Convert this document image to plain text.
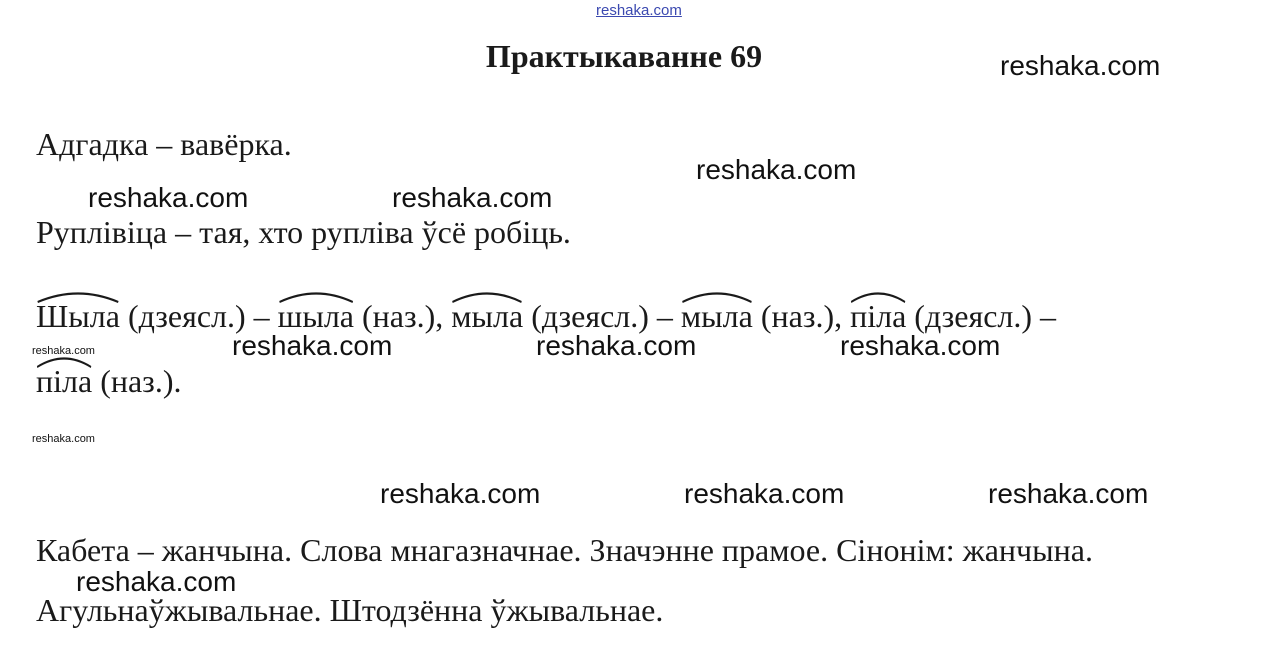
reshaka.com
Практыкаванне 69
Адгадка – вавёрка.
Руплівіца – тая, хто рупліва ўсё робіць.
Шыла
(дзеясл.) – шыла
(наз.), мыла
(дзеясл.) – мыла
(наз.), піла
(дзеясл.) –
піла
(наз.).
Кабета – жанчына. Слова мнагазначнае. Значэнне прамое. Сінонім: жанчына.
Агульнаўжывальнае. Штодзённа ўжывальнае.
reshaka.com
reshaka.com
reshaka.com	reshaka.com
reshaka.com	reshaka.com	reshaka.com
reshaka.com	reshaka.com	reshaka.com
reshaka.com
reshaka.com
reshaka.com
